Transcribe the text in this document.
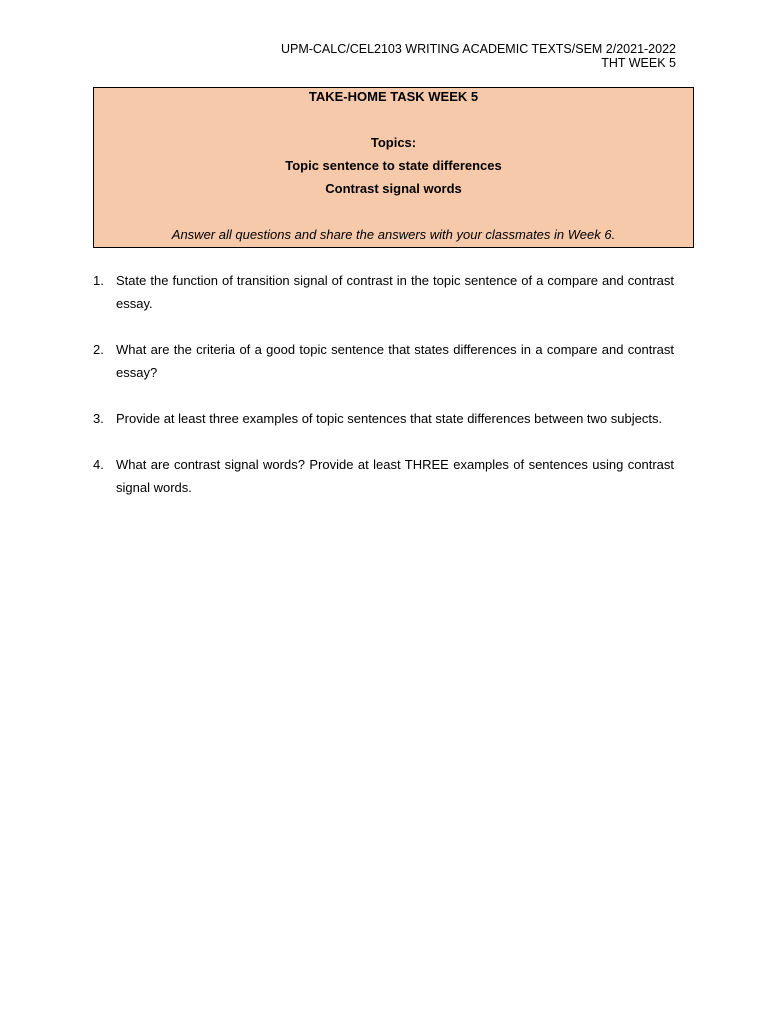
UPM-CALC/CEL2103 WRITING ACADEMIC TEXTS/SEM 2/2021-2022
THT WEEK 5
TAKE-HOME TASK WEEK 5
Topics:
Topic sentence to state differences
Contrast signal words
Answer all questions and share the answers with your classmates in Week 6.
1. State the function of transition signal of contrast in the topic sentence of a compare and contrast essay.
2. What are the criteria of a good topic sentence that states differences in a compare and contrast essay?
3. Provide at least three examples of topic sentences that state differences between two subjects.
4. What are contrast signal words? Provide at least THREE examples of sentences using contrast signal words.
